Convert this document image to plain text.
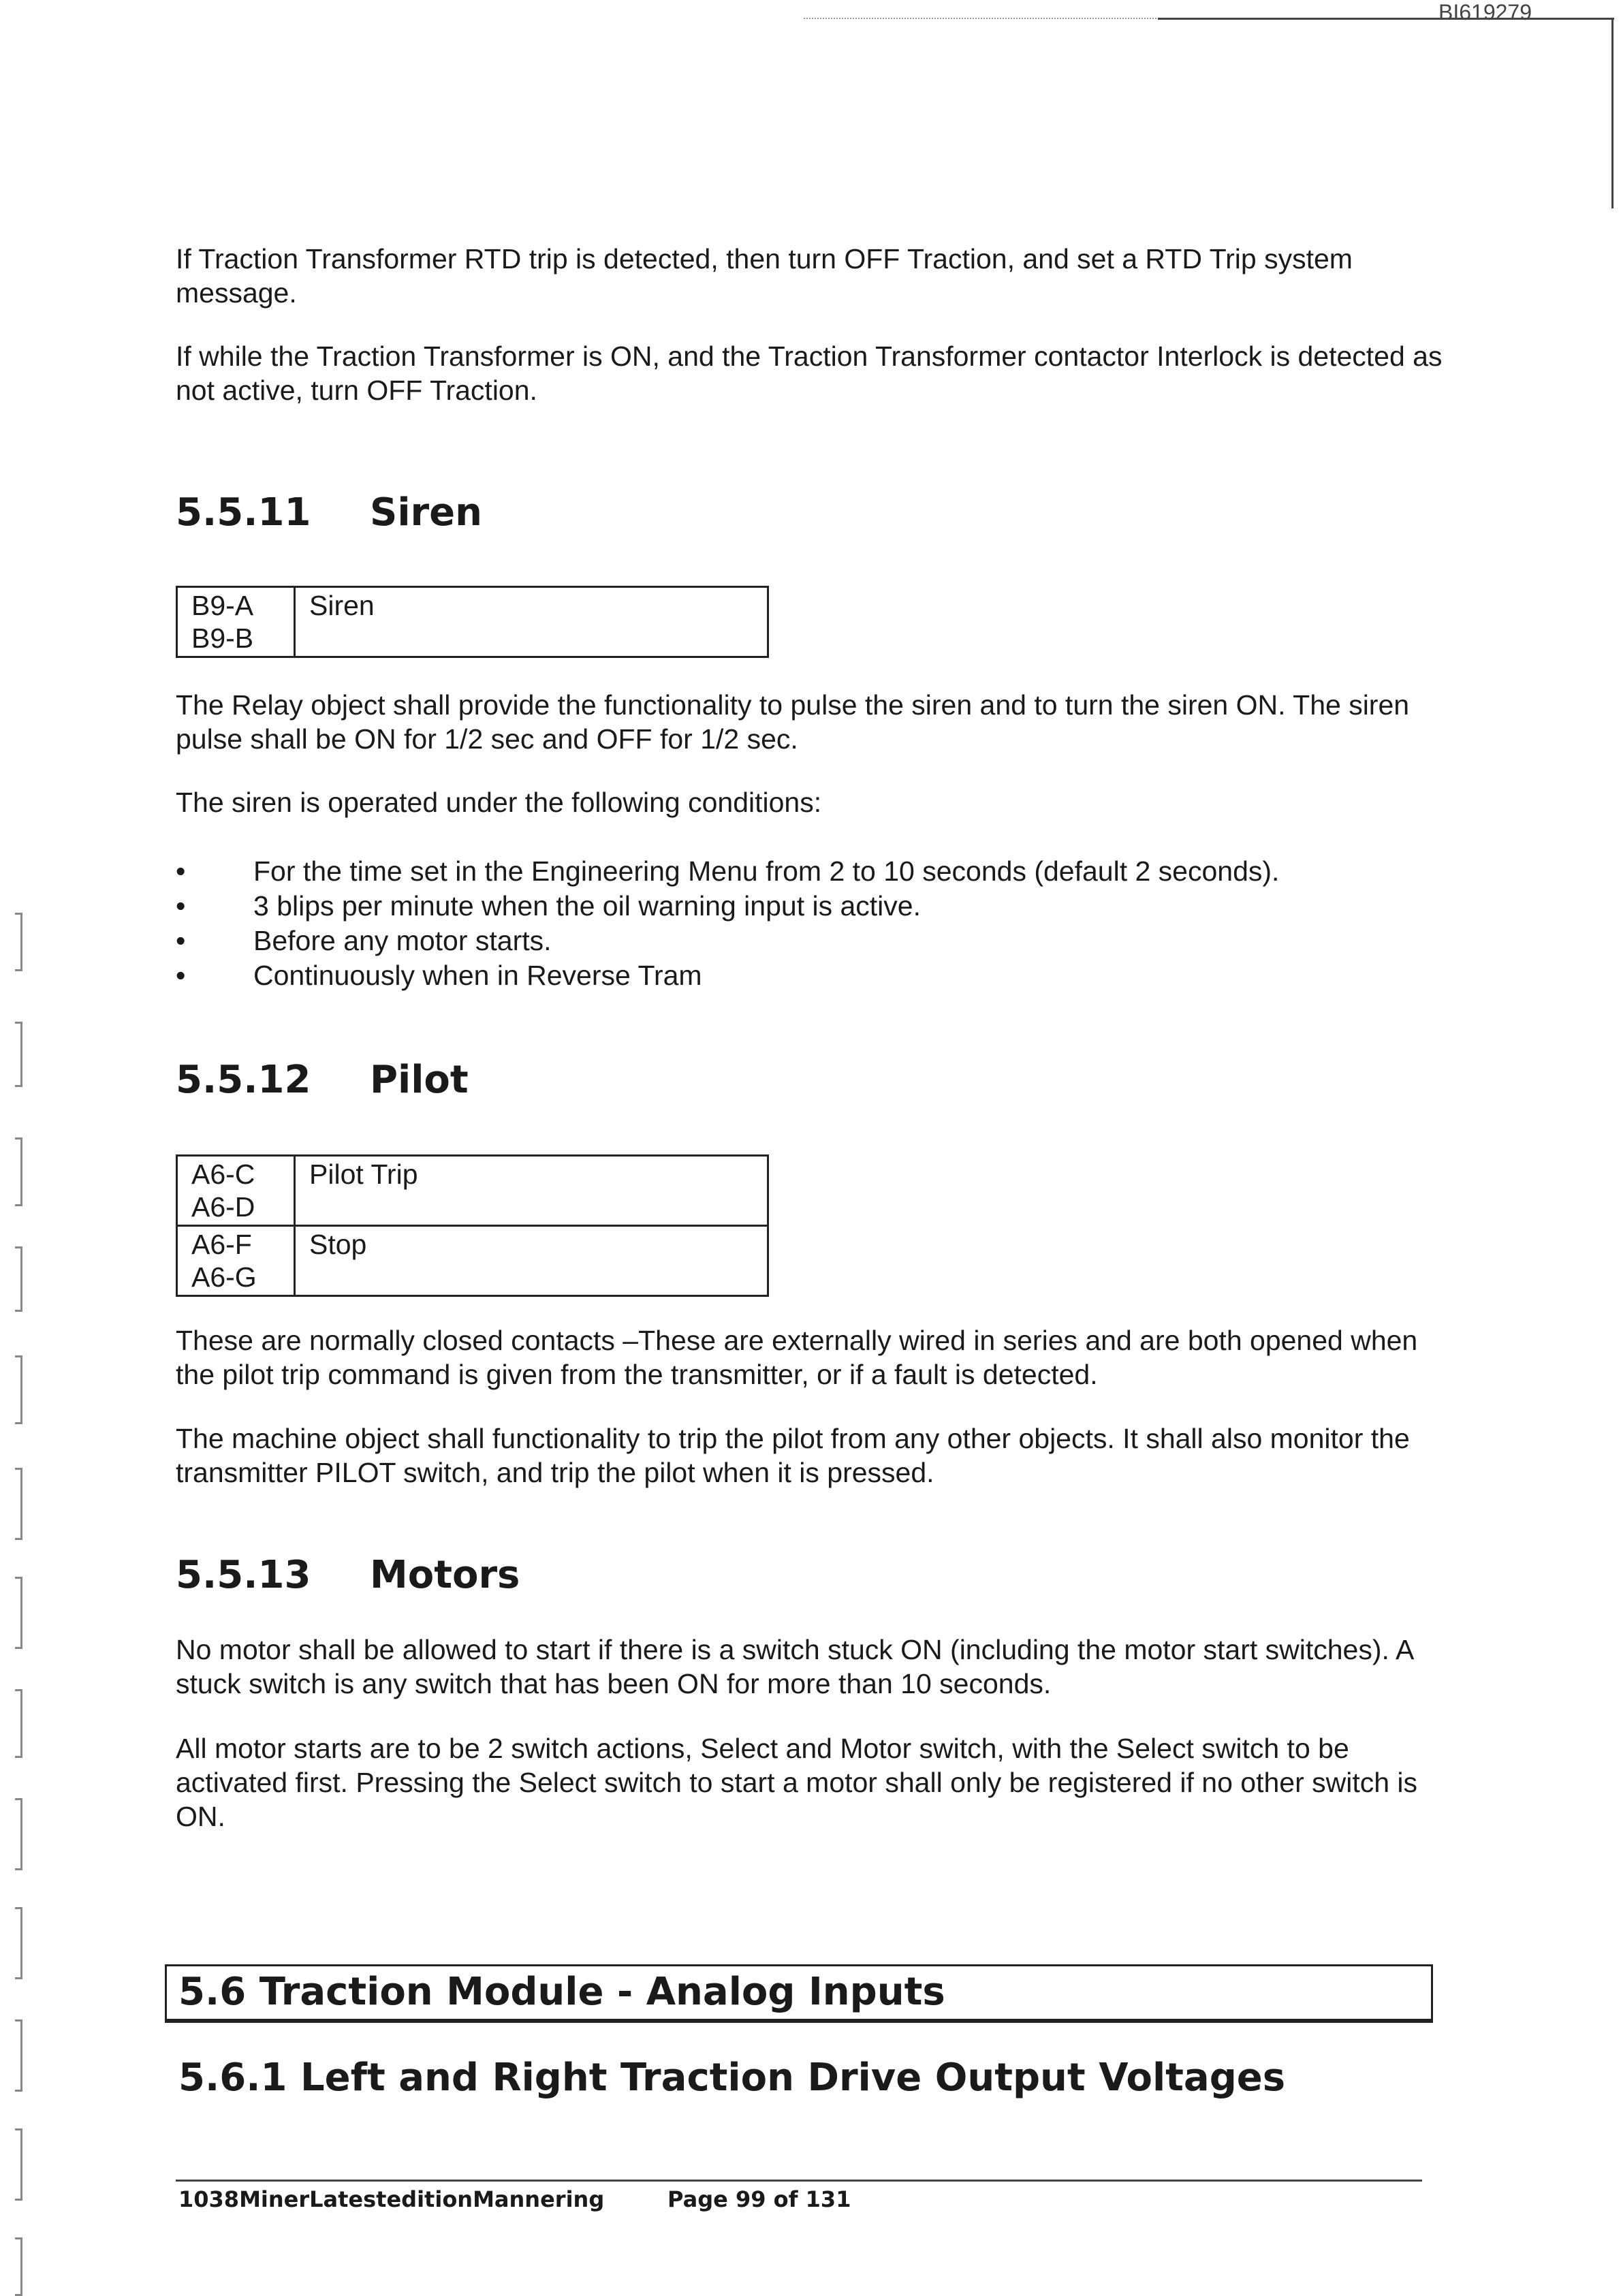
BI619279

If Traction Transformer RTD trip is detected, then turn OFF Traction, and set a RTD Trip system message.

If while the Traction Transformer is ON, and the Traction Transformer contactor Interlock is detected as not active, turn OFF Traction.

5.5.11 Siren
B9-A
B9-B
	Siren

The Relay object shall provide the functionality to pulse the siren and to turn the siren ON. The siren pulse shall be ON for 1/2 sec and OFF for 1/2 sec.

The siren is operated under the following conditions:

•	For the time set in the Engineering Menu from 2 to 10 seconds (default 2 seconds).
•	3 blips per minute when the oil warning input is active.
•	Before any motor starts.
•	Continuously when in Reverse Tram
5.5.12 Pilot
A6-C
A6-D	Pilot Trip

A6-F
A6-G	Stop

These are normally closed contacts –These are externally wired in series and are both opened when the pilot trip command is given from the transmitter, or if a fault is detected.

The machine object shall functionality to trip the pilot from any other objects. It shall also monitor the transmitter PILOT switch, and trip the pilot when it is pressed.

5.5.13 Motors

No motor shall be allowed to start if there is a switch stuck ON (including the motor start switches). A stuck switch is any switch that has been ON for more than 10 seconds.

All motor starts are to be 2 switch actions, Select and Motor switch, with the Select switch to be activated first. Pressing the Select switch to start a motor shall only be registered if no other switch is ON.

5.6 Traction Module - Analog Inputs
5.6.1 Left and Right Traction Drive Output Voltages
1038MinerLatesteditionMannering	Page 99 of 131
